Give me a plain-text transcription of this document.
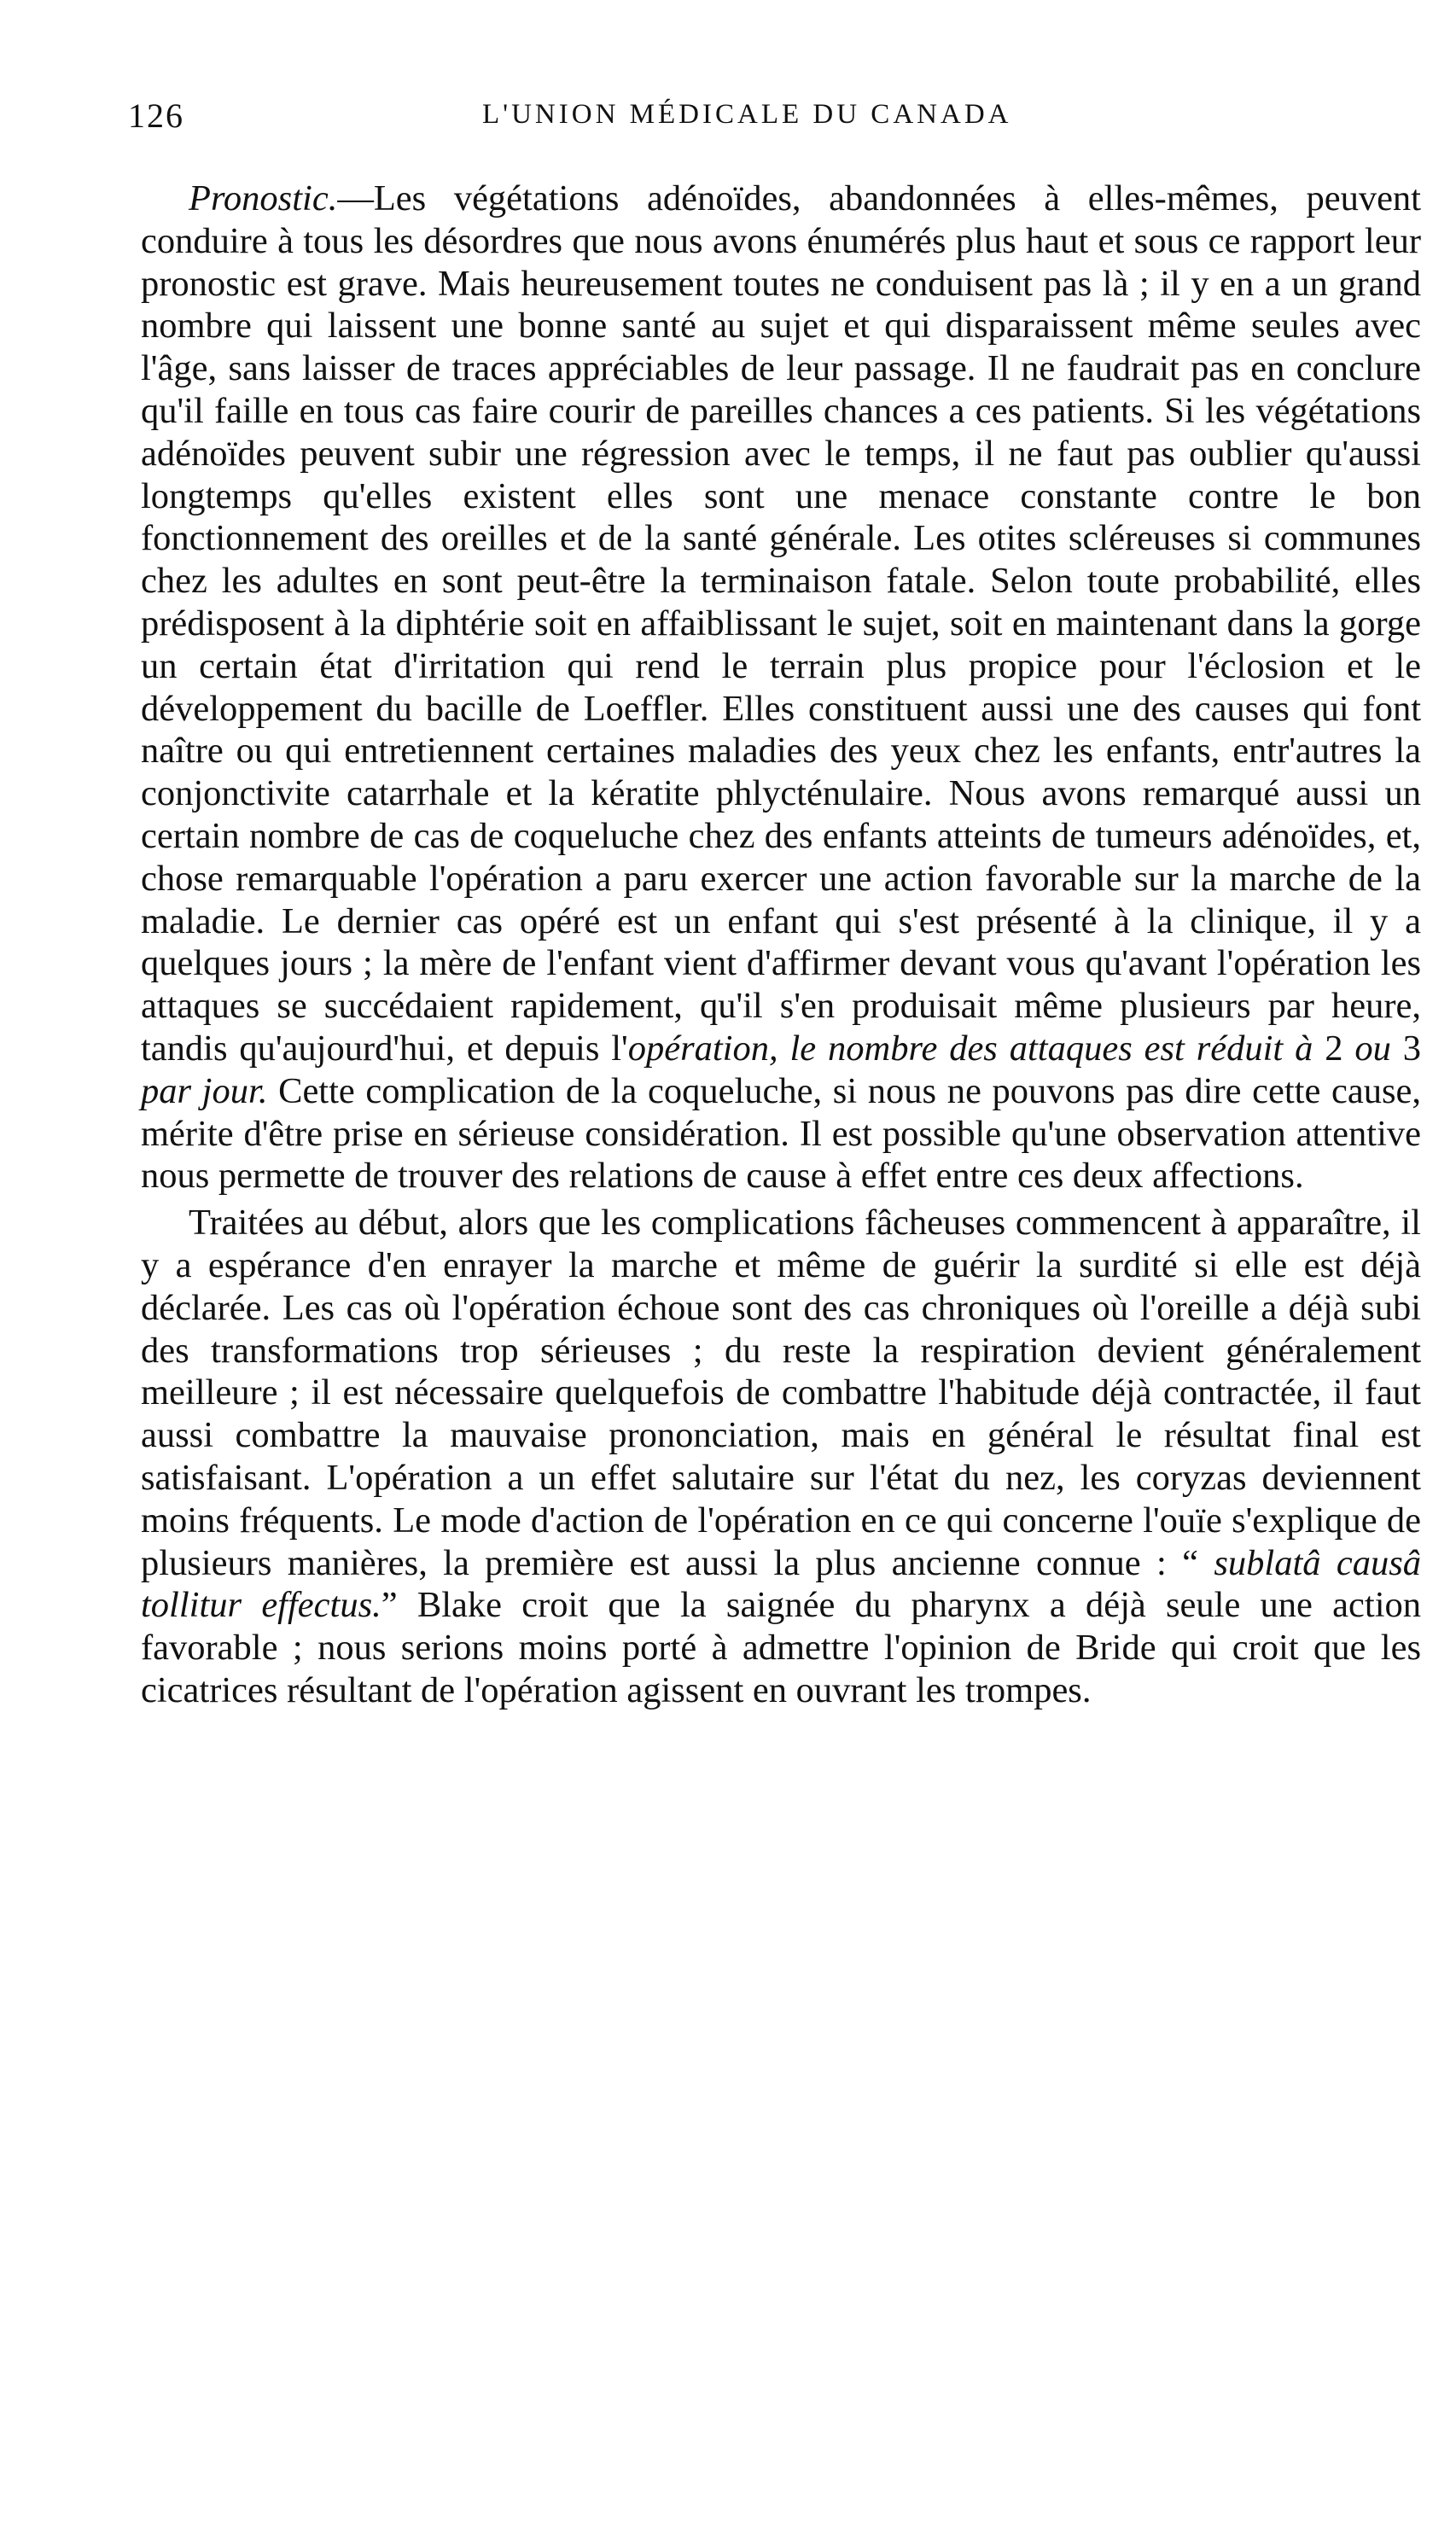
126	L'UNION MÉDICALE DU CANADA

Pronostic.—Les végétations adénoïdes, abandonnées à elles-mêmes, peuvent conduire à tous les désordres que nous avons énumérés plus haut et sous ce rapport leur pronostic est grave. Mais heureusement toutes ne conduisent pas là ; il y en a un grand nombre qui laissent une bonne santé au sujet et qui disparaissent même seules avec l'âge, sans laisser de traces appréciables de leur passage. Il ne faudrait pas en conclure qu'il faille en tous cas faire courir de pareilles chances a ces patients. Si les végétations adénoïdes peuvent subir une régression avec le temps, il ne faut pas oublier qu'aussi longtemps qu'elles existent elles sont une menace constante contre le bon fonctionnement des oreilles et de la santé générale. Les otites scléreuses si communes chez les adultes en sont peut-être la terminaison fatale. Selon toute probabilité, elles prédisposent à la diphtérie soit en affaiblissant le sujet, soit en maintenant dans la gorge un certain état d'irritation qui rend le terrain plus propice pour l'éclosion et le développement du bacille de Loeffler. Elles constituent aussi une des causes qui font naître ou qui entretiennent certaines maladies des yeux chez les enfants, entr'autres la conjonctivite catarrhale et la kératite phlycténulaire. Nous avons remarqué aussi un certain nombre de cas de coqueluche chez des enfants atteints de tumeurs adénoïdes, et, chose remarquable l'opération a paru exercer une action favorable sur la marche de la maladie. Le dernier cas opéré est un enfant qui s'est présenté à la clinique, il y a quelques jours ; la mère de l'enfant vient d'affirmer devant vous qu'avant l'opération les attaques se succédaient rapidement, qu'il s'en produisait même plusieurs par heure, tandis qu'aujourd'hui, et depuis l'opération, le nombre des attaques est réduit à 2 ou 3 par jour. Cette complication de la coqueluche, si nous ne pouvons pas dire cette cause, mérite d'être prise en sérieuse considération. Il est possible qu'une observation attentive nous permette de trouver des relations de cause à effet entre ces deux affections.

Traitées au début, alors que les complications fâcheuses commencent à apparaître, il y a espérance d'en enrayer la marche et même de guérir la surdité si elle est déjà déclarée. Les cas où l'opération échoue sont des cas chroniques où l'oreille a déjà subi des transformations trop sérieuses ; du reste la respiration devient généralement meilleure ; il est nécessaire quelquefois de combattre l'habitude déjà contractée, il faut aussi combattre la mauvaise prononciation, mais en général le résultat final est satisfaisant. L'opération a un effet salutaire sur l'état du nez, les coryzas deviennent moins fréquents. Le mode d'action de l'opération en ce qui concerne l'ouïe s'explique de plusieurs manières, la première est aussi la plus ancienne connue : “ sublatâ causâ tollitur effectus.” Blake croit que la saignée du pharynx a déjà seule une action favorable ; nous serions moins porté à admettre l'opinion de Bride qui croit que les cicatrices résultant de l'opération agissent en ouvrant les trompes.
